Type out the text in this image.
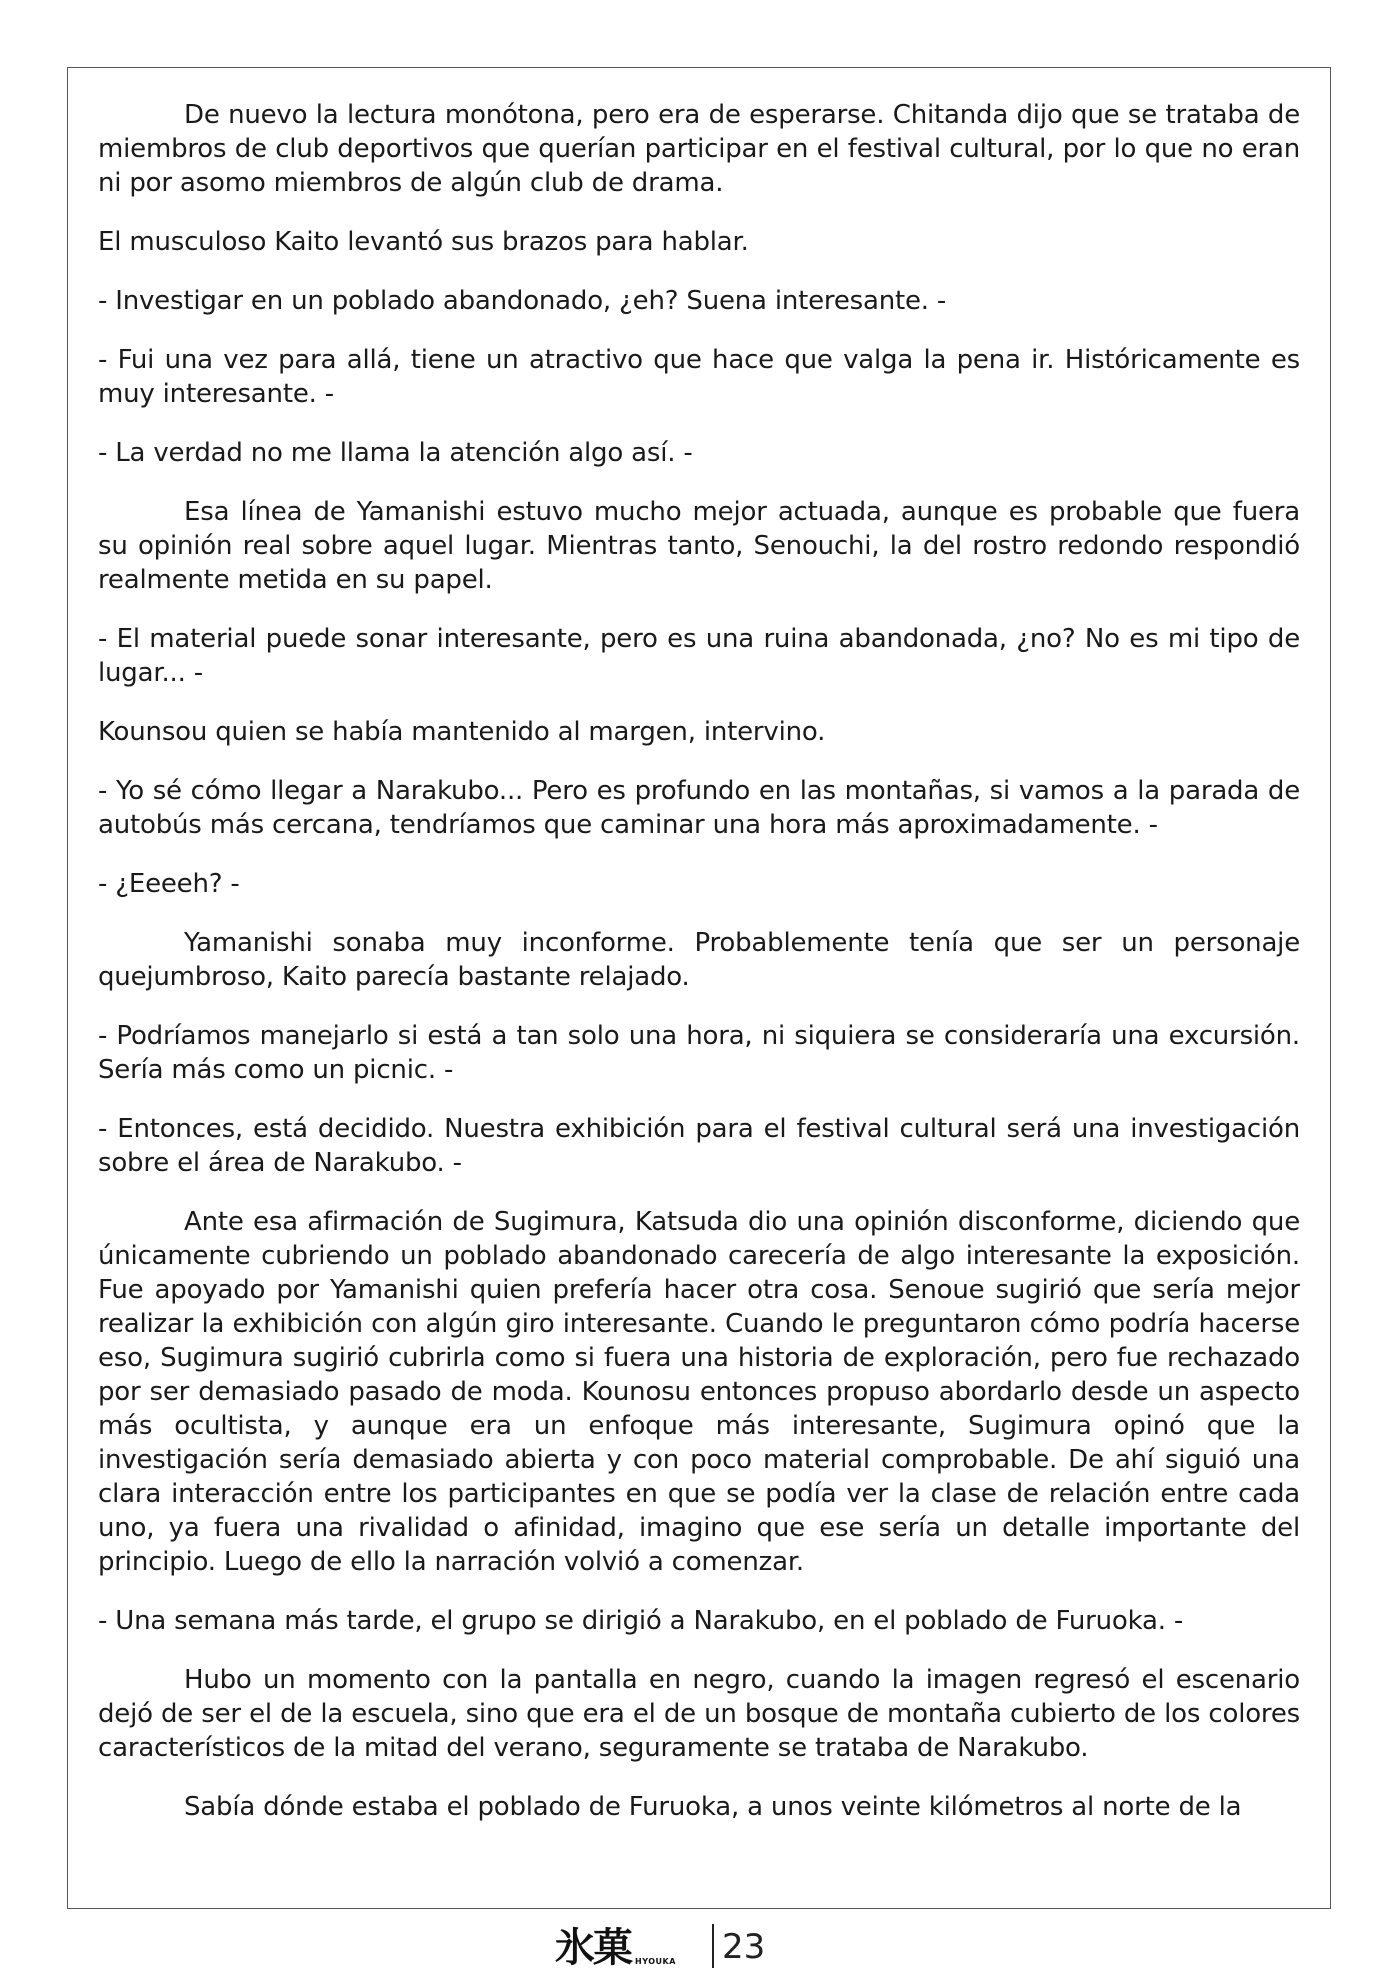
De nuevo la lectura monótona, pero era de esperarse. Chitanda dijo que se trataba de miembros de club deportivos que querían participar en el festival cultural, por lo que no eran ni por asomo miembros de algún club de drama.

El musculoso Kaito levantó sus brazos para hablar.

- Investigar en un poblado abandonado, ¿eh? Suena interesante. -

- Fui una vez para allá, tiene un atractivo que hace que valga la pena ir. Históricamente es muy interesante. -

- La verdad no me llama la atención algo así. -

Esa línea de Yamanishi estuvo mucho mejor actuada, aunque es probable que fuera su opinión real sobre aquel lugar. Mientras tanto, Senouchi, la del rostro redondo respondió realmente metida en su papel.

- El material puede sonar interesante, pero es una ruina abandonada, ¿no? No es mi tipo de lugar... -

Kounsou quien se había mantenido al margen, intervino.

- Yo sé cómo llegar a Narakubo... Pero es profundo en las montañas, si vamos a la parada de autobús más cercana, tendríamos que caminar una hora más aproximadamente. -

- ¿Eeeeh? -

Yamanishi sonaba muy inconforme. Probablemente tenía que ser un personaje quejumbroso, Kaito parecía bastante relajado.

- Podríamos manejarlo si está a tan solo una hora, ni siquiera se consideraría una excursión. Sería más como un picnic. -

- Entonces, está decidido. Nuestra exhibición para el festival cultural será una investigación sobre el área de Narakubo. -

Ante esa afirmación de Sugimura, Katsuda dio una opinión disconforme, diciendo que únicamente cubriendo un poblado abandonado carecería de algo interesante la exposición. Fue apoyado por Yamanishi quien prefería hacer otra cosa. Senoue sugirió que sería mejor realizar la exhibición con algún giro interesante. Cuando le preguntaron cómo podría hacerse eso, Sugimura sugirió cubrirla como si fuera una historia de exploración, pero fue rechazado por ser demasiado pasado de moda. Kounosu entonces propuso abordarlo desde un aspecto más ocultista, y aunque era un enfoque más interesante, Sugimura opinó que la investigación sería demasiado abierta y con poco material comprobable. De ahí siguió una clara interacción entre los participantes en que se podía ver la clase de relación entre cada uno, ya fuera una rivalidad o afinidad, imagino que ese sería un detalle importante del principio. Luego de ello la narración volvió a comenzar.

- Una semana más tarde, el grupo se dirigió a Narakubo, en el poblado de Furuoka. -

Hubo un momento con la pantalla en negro, cuando la imagen regresó el escenario dejó de ser el de la escuela, sino que era el de un bosque de montaña cubierto de los colores característicos de la mitad del verano, seguramente se trataba de Narakubo.

Sabía dónde estaba el poblado de Furuoka, a unos veinte kilómetros al norte de la

氷菓 HYOUKA 23
